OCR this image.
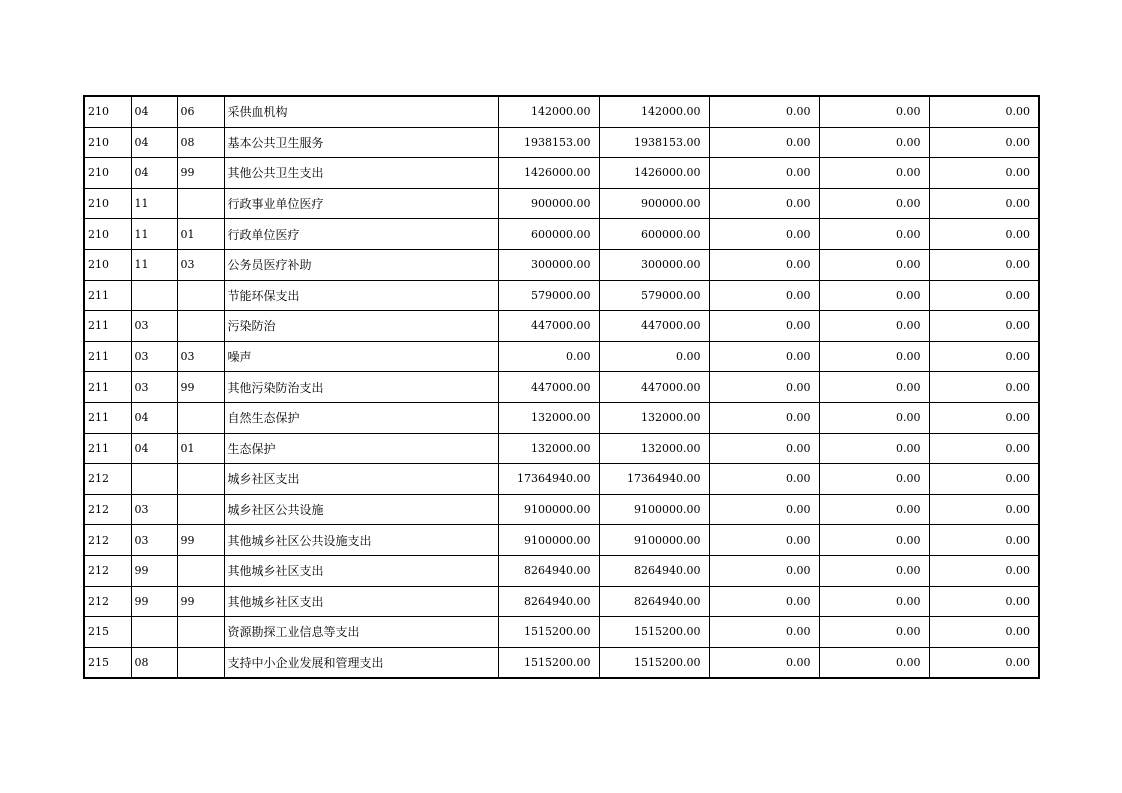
210	04	06	采供血机构	142000.00	142000.00	0.00	0.00	0.00
210	04	08	基本公共卫生服务	1938153.00	1938153.00	0.00	0.00	0.00
210	04	99	其他公共卫生支出	1426000.00	1426000.00	0.00	0.00	0.00
210	11		行政事业单位医疗	900000.00	900000.00	0.00	0.00	0.00
210	11	01	行政单位医疗	600000.00	600000.00	0.00	0.00	0.00
210	11	03	公务员医疗补助	300000.00	300000.00	0.00	0.00	0.00
211			节能环保支出	579000.00	579000.00	0.00	0.00	0.00
211	03		污染防治	447000.00	447000.00	0.00	0.00	0.00
211	03	03	噪声	0.00	0.00	0.00	0.00	0.00
211	03	99	其他污染防治支出	447000.00	447000.00	0.00	0.00	0.00
211	04		自然生态保护	132000.00	132000.00	0.00	0.00	0.00
211	04	01	生态保护	132000.00	132000.00	0.00	0.00	0.00
212			城乡社区支出	17364940.00	17364940.00	0.00	0.00	0.00
212	03		城乡社区公共设施	9100000.00	9100000.00	0.00	0.00	0.00
212	03	99	其他城乡社区公共设施支出	9100000.00	9100000.00	0.00	0.00	0.00
212	99		其他城乡社区支出	8264940.00	8264940.00	0.00	0.00	0.00
212	99	99	其他城乡社区支出	8264940.00	8264940.00	0.00	0.00	0.00
215			资源勘探工业信息等支出	1515200.00	1515200.00	0.00	0.00	0.00
215	08		支持中小企业发展和管理支出	1515200.00	1515200.00	0.00	0.00	0.00
